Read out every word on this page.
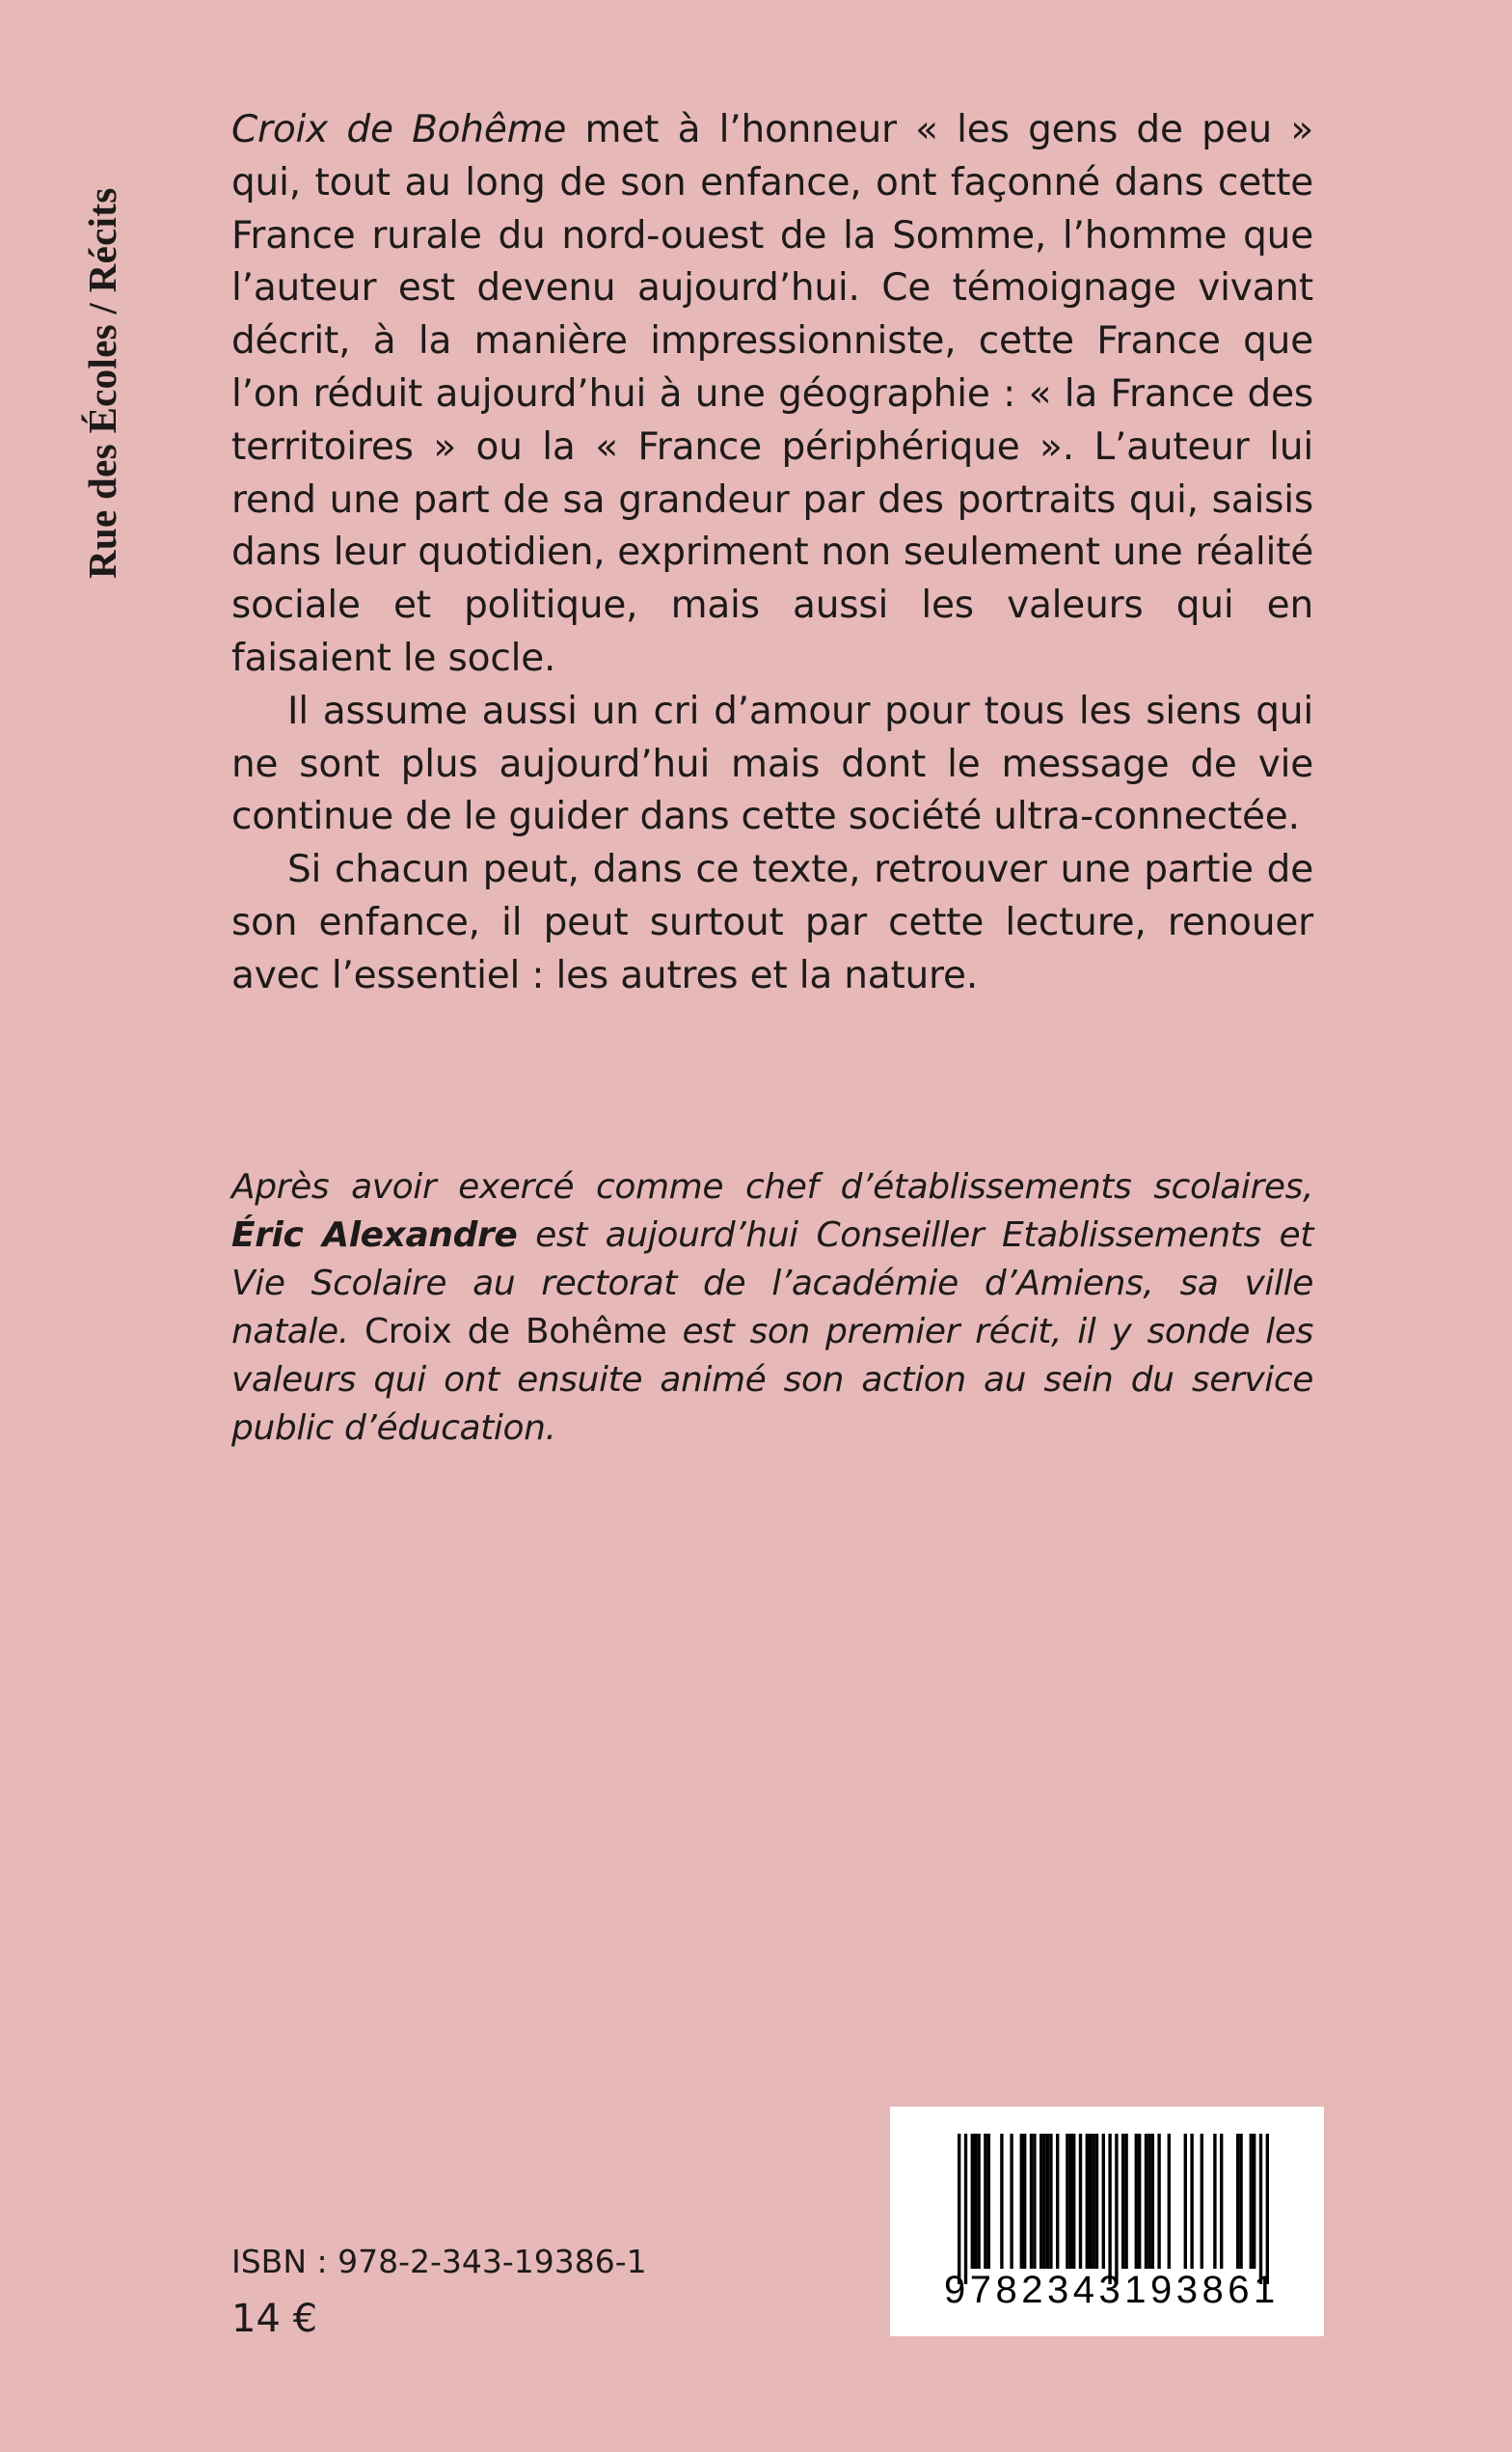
Rue des Écoles / Récits

Croix de Bohême met à l’honneur « les gens de peu » qui, tout au long de son enfance, ont façonné dans cette France rurale du nord-ouest de la Somme, l’homme que l’auteur est devenu aujourd’hui. Ce témoignage vivant décrit, à la manière impressionniste, cette France que l’on réduit aujourd’hui à une géographie : « la France des territoires » ou la « France périphérique ». L’auteur lui rend une part de sa grandeur par des portraits qui, saisis dans leur quotidien, expriment non seulement une réalité sociale et politique, mais aussi les valeurs qui en faisaient le socle.

Il assume aussi un cri d’amour pour tous les siens qui ne sont plus aujourd’hui mais dont le message de vie continue de le guider dans cette société ultra-connectée.

Si chacun peut, dans ce texte, retrouver une partie de son enfance, il peut surtout par cette lecture, renouer avec l’essentiel : les autres et la nature.

Après avoir exercé comme chef d’établissements scolaires, Éric Alexandre est aujourd’hui Conseiller Etablissements et Vie Scolaire au rectorat de l’académie d’Amiens, sa ville natale. Croix de Bohême est son premier récit, il y sonde les valeurs qui ont ensuite animé son action au sein du service public d’éducation.

ISBN : 978-2-343-19386-1
14 €
9782343193861
